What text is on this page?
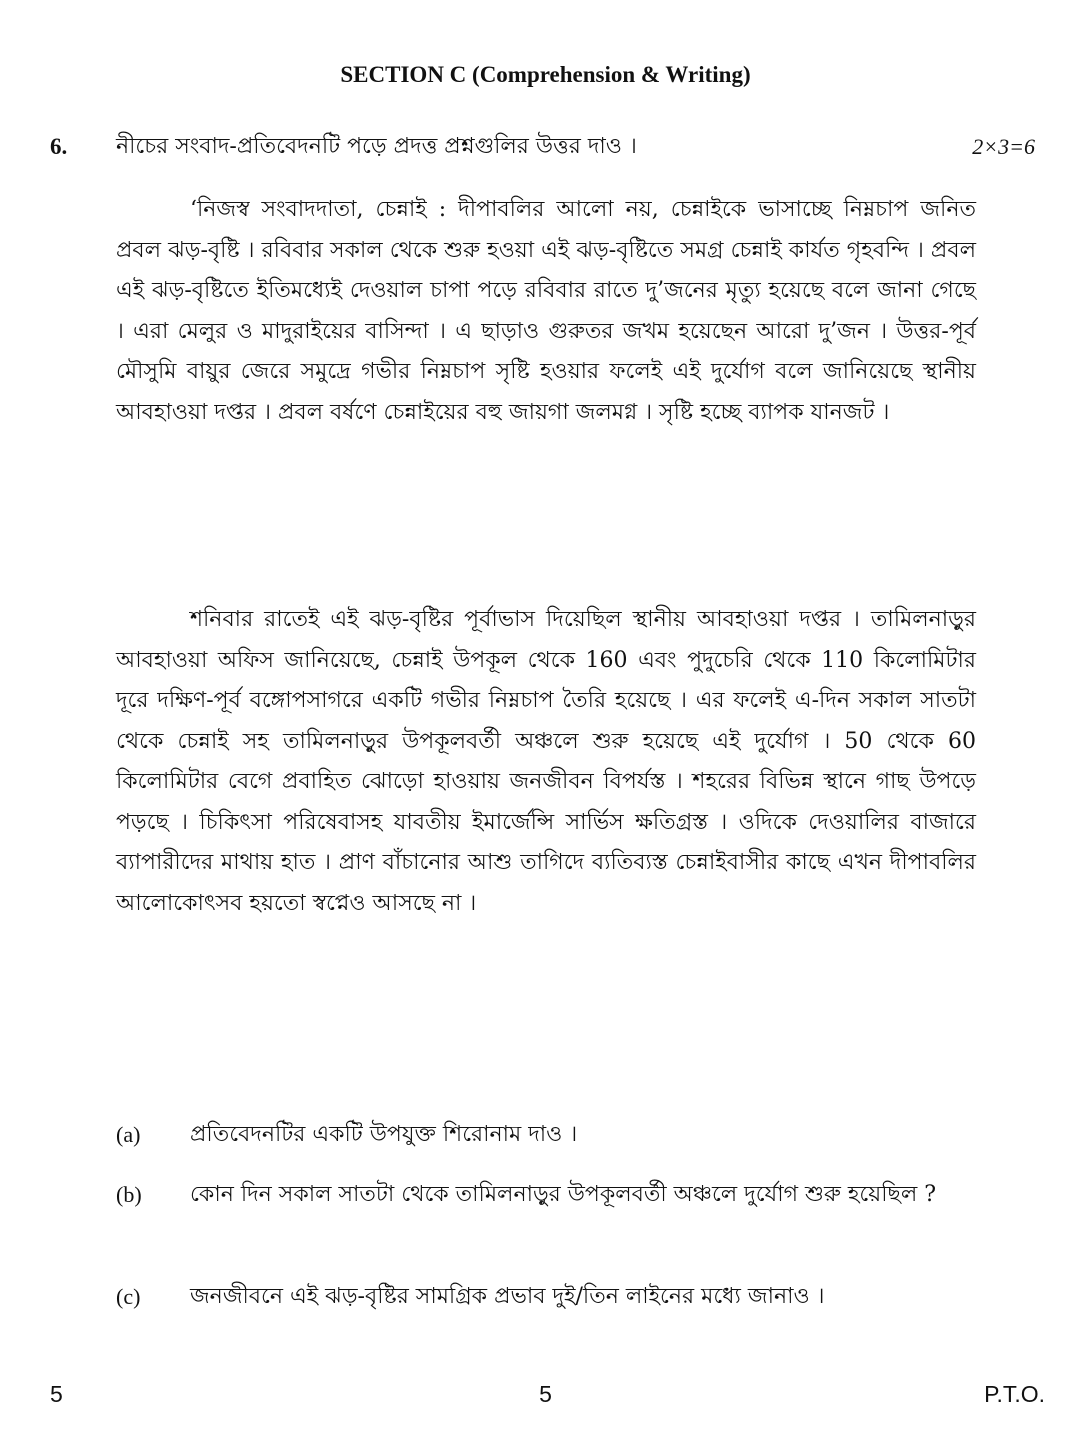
SECTION C (Comprehension & Writing)
6. নীচের সংবাদ-প্রতিবেদনটি পড়ে প্রদত্ত প্রশ্নগুলির উত্তর দাও ।	2×3=6

‘নিজস্ব সংবাদদাতা, চেন্নাই : দীপাবলির আলো নয়, চেন্নাইকে ভাসাচ্ছে নিম্নচাপ জনিত প্রবল ঝড়-বৃষ্টি । রবিবার সকাল থেকে শুরু হওয়া এই ঝড়-বৃষ্টিতে সমগ্র চেন্নাই কার্যত গৃহবন্দি । প্রবল এই ঝড়-বৃষ্টিতে ইতিমধ্যেই দেওয়াল চাপা পড়ে রবিবার রাতে দু’জনের মৃত্যু হয়েছে বলে জানা গেছে । এরা মেলুর ও মাদুরাইয়ের বাসিন্দা । এ ছাড়াও গুরুতর জখম হয়েছেন আরো দু’জন । উত্তর-পূর্ব মৌসুমি বায়ুর জেরে সমুদ্রে গভীর নিম্নচাপ সৃষ্টি হওয়ার ফলেই এই দুর্যোগ বলে জানিয়েছে স্থানীয় আবহাওয়া দপ্তর । প্রবল বর্ষণে চেন্নাইয়ের বহু জায়গা জলমগ্ন । সৃষ্টি হচ্ছে ব্যাপক যানজট ।

শনিবার রাতেই এই ঝড়-বৃষ্টির পূর্বাভাস দিয়েছিল স্থানীয় আবহাওয়া দপ্তর । তামিলনাড়ুর আবহাওয়া অফিস জানিয়েছে, চেন্নাই উপকূল থেকে 160 এবং পুদুচেরি থেকে 110 কিলোমিটার দূরে দক্ষিণ-পূর্ব বঙ্গোপসাগরে একটি গভীর নিম্নচাপ তৈরি হয়েছে । এর ফলেই এ-দিন সকাল সাতটা থেকে চেন্নাই সহ তামিলনাড়ুর উপকূলবর্তী অঞ্চলে শুরু হয়েছে এই দুর্যোগ । 50 থেকে 60 কিলোমিটার বেগে প্রবাহিত ঝোড়ো হাওয়ায় জনজীবন বিপর্যস্ত । শহরের বিভিন্ন স্থানে গাছ উপড়ে পড়ছে । চিকিৎসা পরিষেবাসহ যাবতীয় ইমার্জেন্সি সার্ভিস ক্ষতিগ্রস্ত । ওদিকে দেওয়ালির বাজারে ব্যাপারীদের মাথায় হাত । প্রাণ বাঁচানোর আশু তাগিদে ব্যতিব্যস্ত চেন্নাইবাসীর কাছে এখন দীপাবলির আলোকোৎসব হয়তো স্বপ্নেও আসছে না ।

(a) প্রতিবেদনটির একটি উপযুক্ত শিরোনাম দাও ।
(b) কোন দিন সকাল সাতটা থেকে তামিলনাড়ুর উপকূলবর্তী অঞ্চলে দুর্যোগ শুরু হয়েছিল ?
(c) জনজীবনে এই ঝড়-বৃষ্টির সামগ্রিক প্রভাব দুই/তিন লাইনের মধ্যে জানাও ।
5	5	P.T.O.
